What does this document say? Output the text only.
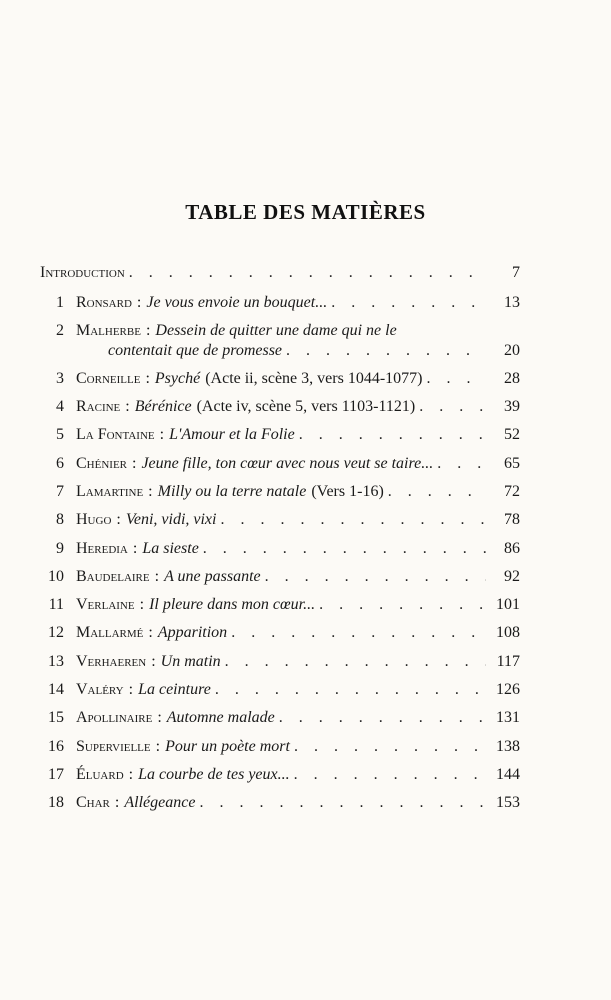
TABLE DES MATIÈRES
Introduction . . .	7
1 Ronsard : Je vous envoie un bouquet... . . .	13
2 Malherbe : Dessein de quitter une dame qui ne le
contentait que de promesse . . .	20
3 Corneille : Psyché (Acte ii, scène 3, vers 1044-1077) . . .	28
4 Racine : Bérénice (Acte iv, scène 5, vers 1103-1121) . . .	39
5 La Fontaine : L'Amour et la Folie . . .	52
6 Chénier : Jeune fille, ton cœur avec nous veut se taire... . . .	65
7 Lamartine : Milly ou la terre natale (Vers 1-16) . . .	72
8 Hugo : Veni, vidi, vixi . . .	78
9 Heredia : La sieste . . .	86
10 Baudelaire : A une passante . . .	92
11 Verlaine : Il pleure dans mon cœur... . . .	101
12 Mallarmé : Apparition . . .	108
13 Verhaeren : Un matin . . .	117
14 Valéry : La ceinture . . .	126
15 Apollinaire : Automne malade . . .	131
16 Supervielle : Pour un poète mort . . .	138
17 Éluard : La courbe de tes yeux... . . .	144
18 Char : Allégeance . . .	153
